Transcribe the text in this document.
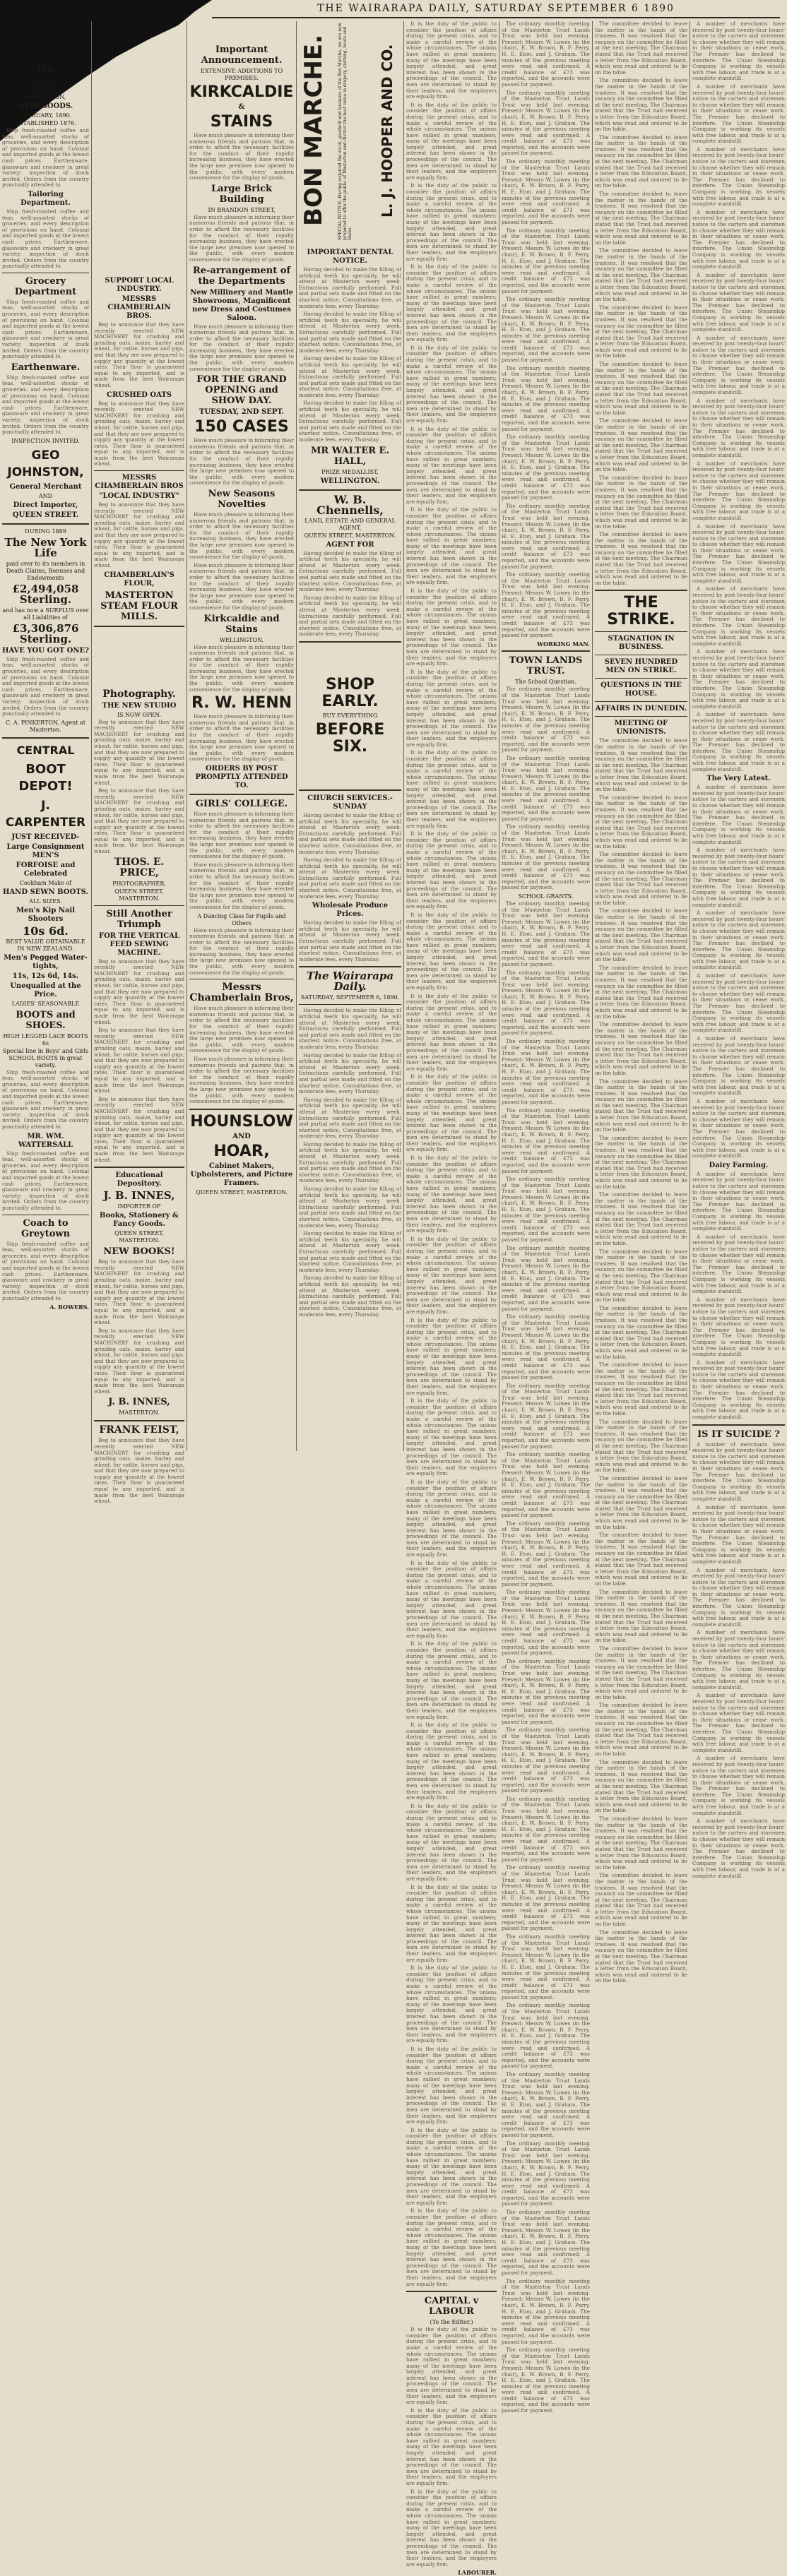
THE WAIRARAPA DAILY, SATURDAY SEPTEMBER 6 1890
TO-
erchan
mporter.
MASTERTON,
NTERGOODS.
FEBRUARY, 1890.
ESTABLISHED 1876.

Ship fresh-roasted coffee and teas, well-assorted stocks of groceries, and every description of provisions on hand. Colonial and imported goods at the lowest cash prices. Earthenware, glassware and crockery in great variety; inspection of stock invited. Orders from the country punctually attended to.

Tailoring Department.

Ship fresh-roasted coffee and teas, well-assorted stocks of groceries, and every description of provisions on hand. Colonial and imported goods at the lowest cash prices. Earthenware, glassware and crockery in great variety; inspection of stock invited. Orders from the country punctually attended to.

Grocery Department

Ship fresh-roasted coffee and teas, well-assorted stocks of groceries, and every description of provisions on hand. Colonial and imported goods at the lowest cash prices. Earthenware, glassware and crockery in great variety; inspection of stock invited. Orders from the country punctually attended to.

Earthenware.

Ship fresh-roasted coffee and teas, well-assorted stocks of groceries, and every description of provisions on hand. Colonial and imported goods at the lowest cash prices. Earthenware, glassware and crockery in great variety; inspection of stock invited. Orders from the country punctually attended to.

INSPECTION INVITED.
GEO JOHNSTON,
General Merchant
AND
Direct Importer,
QUEEN STREET.
DURING 1889
The New York Life
paid over to its members in Death Claims, Bonuses and Endowments
£2,494,058 Sterling.
and has now a SURPLUS over all Liabilities of
£3,306,876 Sterling.
HAVE YOU GOT ONE?

Ship fresh-roasted coffee and teas, well-assorted stocks of groceries, and every description of provisions on hand. Colonial and imported goods at the lowest cash prices. Earthenware, glassware and crockery in great variety; inspection of stock invited. Orders from the country punctually attended to.

C. A. PINKERTON, Agent at Masterton.
CENTRAL
BOOT DEPOT!
J. CARPENTER
JUST RECEIVED-
Large Consignment MEN'S
FORFOISE and Celebrated
Cookham Make of
HAND SEWN BOOTS.
ALL SIZES.
Men's Kip Nail Shooters
10s 6d.
BEST VALUE OBTAINABLE IN NEW ZEALAND.
Men's Pegged Water-tights,
11s, 12s 6d, 14s.
Unequalled at the Price.
LADIES' SEASONABLE
BOOTS and SHOES.
HIGH LEGGED LACE BOOTS 6s
Special line in Boys' and Girls SCHOOL BOOTS in great variety.

Ship fresh-roasted coffee and teas, well-assorted stocks of groceries, and every description of provisions on hand. Colonial and imported goods at the lowest cash prices. Earthenware, glassware and crockery in great variety; inspection of stock invited. Orders from the country punctually attended to.

MR. WM. WATTERSALL

Ship fresh-roasted coffee and teas, well-assorted stocks of groceries, and every description of provisions on hand. Colonial and imported goods at the lowest cash prices. Earthenware, glassware and crockery in great variety; inspection of stock invited. Orders from the country punctually attended to.

Coach to Greytown

Ship fresh-roasted coffee and teas, well-assorted stocks of groceries, and every description of provisions on hand. Colonial and imported goods at the lowest cash prices. Earthenware, glassware and crockery in great variety; inspection of stock invited. Orders from the country punctually attended to.

A. BOWERS.
SUPPORT LOCAL INDUSTRY.
MESSRS CHAMBERLAIN BROS.

Beg to announce that they have recently erected NEW MACHINERY for crushing and grinding oats, maize, barley and wheat, for cattle, horses and pigs, and that they are now prepared to supply any quantity at the lowest rates. Their flour is guaranteed equal to any imported, and is made from the best Wairarapa wheat.

CRUSHED OATS

Beg to announce that they have recently erected NEW MACHINERY for crushing and grinding oats, maize, barley and wheat, for cattle, horses and pigs, and that they are now prepared to supply any quantity at the lowest rates. Their flour is guaranteed equal to any imported, and is made from the best Wairarapa wheat.

MESSRS CHAMBERLAIN BROS
"LOCAL INDUSTRY"

Beg to announce that they have recently erected NEW MACHINERY for crushing and grinding oats, maize, barley and wheat, for cattle, horses and pigs, and that they are now prepared to supply any quantity at the lowest rates. Their flour is guaranteed equal to any imported, and is made from the best Wairarapa wheat.

CHAMBERLAIN'S FLOUR,
MASTERTON STEAM FLOUR MILLS.
Photography.
THE NEW STUDIO
IS NOW OPEN.

Beg to announce that they have recently erected NEW MACHINERY for crushing and grinding oats, maize, barley and wheat, for cattle, horses and pigs, and that they are now prepared to supply any quantity at the lowest rates. Their flour is guaranteed equal to any imported, and is made from the best Wairarapa wheat.

Beg to announce that they have recently erected NEW MACHINERY for crushing and grinding oats, maize, barley and wheat, for cattle, horses and pigs, and that they are now prepared to supply any quantity at the lowest rates. Their flour is guaranteed equal to any imported, and is made from the best Wairarapa wheat.

THOS. E. PRICE,
PHOTOGRAPHER,
QUEEN STREET, MASTERTON.
Still Another Triumph
FOR THE VERTICAL FEED SEWING MACHINE.

Beg to announce that they have recently erected NEW MACHINERY for crushing and grinding oats, maize, barley and wheat, for cattle, horses and pigs, and that they are now prepared to supply any quantity at the lowest rates. Their flour is guaranteed equal to any imported, and is made from the best Wairarapa wheat.

Beg to announce that they have recently erected NEW MACHINERY for crushing and grinding oats, maize, barley and wheat, for cattle, horses and pigs, and that they are now prepared to supply any quantity at the lowest rates. Their flour is guaranteed equal to any imported, and is made from the best Wairarapa wheat.

Beg to announce that they have recently erected NEW MACHINERY for crushing and grinding oats, maize, barley and wheat, for cattle, horses and pigs, and that they are now prepared to supply any quantity at the lowest rates. Their flour is guaranteed equal to any imported, and is made from the best Wairarapa wheat.

Educational Depository.
J. B. INNES,
IMPORTER OF
Books, Stationery & Fancy Goods.
QUEEN STREET, MASTERTON.
NEW BOOKS!

Beg to announce that they have recently erected NEW MACHINERY for crushing and grinding oats, maize, barley and wheat, for cattle, horses and pigs, and that they are now prepared to supply any quantity at the lowest rates. Their flour is guaranteed equal to any imported, and is made from the best Wairarapa wheat.

Beg to announce that they have recently erected NEW MACHINERY for crushing and grinding oats, maize, barley and wheat, for cattle, horses and pigs, and that they are now prepared to supply any quantity at the lowest rates. Their flour is guaranteed equal to any imported, and is made from the best Wairarapa wheat.

J. B. INNES,
MASTERTON.
FRANK FEIST,

Beg to announce that they have recently erected NEW MACHINERY for crushing and grinding oats, maize, barley and wheat, for cattle, horses and pigs, and that they are now prepared to supply any quantity at the lowest rates. Their flour is guaranteed equal to any imported, and is made from the best Wairarapa wheat.

Important Announcement.
EXTENSIVE ADDITIONS TO PREMISES.
KIRKCALDIE
&
STAINS

Have much pleasure in informing their numerous friends and patrons that, in order to afford the necessary facilities for the conduct of their rapidly increasing business, they have erected the large new premises now opened to the public, with every modern convenience for the display of goods.

Large Brick Building
IN BRANDON STREET,

Have much pleasure in informing their numerous friends and patrons that, in order to afford the necessary facilities for the conduct of their rapidly increasing business, they have erected the large new premises now opened to the public, with every modern convenience for the display of goods.

Re-arrangement of the Departments
New Millinery and Mantle Showrooms, Magnificent new Dress and Costumes Saloon.

Have much pleasure in informing their numerous friends and patrons that, in order to afford the necessary facilities for the conduct of their rapidly increasing business, they have erected the large new premises now opened to the public, with every modern convenience for the display of goods.

FOR THE GRAND OPENING and SHOW DAY.
TUESDAY, 2ND SEPT.
150 CASES

Have much pleasure in informing their numerous friends and patrons that, in order to afford the necessary facilities for the conduct of their rapidly increasing business, they have erected the large new premises now opened to the public, with every modern convenience for the display of goods.

New Seasons Novelties

Have much pleasure in informing their numerous friends and patrons that, in order to afford the necessary facilities for the conduct of their rapidly increasing business, they have erected the large new premises now opened to the public, with every modern convenience for the display of goods.

Have much pleasure in informing their numerous friends and patrons that, in order to afford the necessary facilities for the conduct of their rapidly increasing business, they have erected the large new premises now opened to the public, with every modern convenience for the display of goods.

Kirkcaldie and Stains
WELLINGTON.

Have much pleasure in informing their numerous friends and patrons that, in order to afford the necessary facilities for the conduct of their rapidly increasing business, they have erected the large new premises now opened to the public, with every modern convenience for the display of goods.

R. W. HENN

Have much pleasure in informing their numerous friends and patrons that, in order to afford the necessary facilities for the conduct of their rapidly increasing business, they have erected the large new premises now opened to the public, with every modern convenience for the display of goods.

ORDERS BY POST PROMPTLY ATTENDED TO.
GIRLS' COLLEGE.

Have much pleasure in informing their numerous friends and patrons that, in order to afford the necessary facilities for the conduct of their rapidly increasing business, they have erected the large new premises now opened to the public, with every modern convenience for the display of goods.

Have much pleasure in informing their numerous friends and patrons that, in order to afford the necessary facilities for the conduct of their rapidly increasing business, they have erected the large new premises now opened to the public, with every modern convenience for the display of goods.

A Dancing Class for Pupils and Others

Have much pleasure in informing their numerous friends and patrons that, in order to afford the necessary facilities for the conduct of their rapidly increasing business, they have erected the large new premises now opened to the public, with every modern convenience for the display of goods.

Messrs Chamberlain Bros,

Have much pleasure in informing their numerous friends and patrons that, in order to afford the necessary facilities for the conduct of their rapidly increasing business, they have erected the large new premises now opened to the public, with every modern convenience for the display of goods.

Have much pleasure in informing their numerous friends and patrons that, in order to afford the necessary facilities for the conduct of their rapidly increasing business, they have erected the large new premises now opened to the public, with every modern convenience for the display of goods.

HOUNSLOW
AND
HOAR,
Cabinet Makers, Upholsterers, and Picture Framers.
QUEEN STREET, MASTERTON.
IMPORTANT DENTAL NOTICE.

Having decided to make the filling of artificial teeth his speciality, he will attend at Masterton every week. Extractions carefully performed. Full and partial sets made and fitted on the shortest notice. Consultations free, at moderate fees, every Thursday.

Having decided to make the filling of artificial teeth his speciality, he will attend at Masterton every week. Extractions carefully performed. Full and partial sets made and fitted on the shortest notice. Consultations free, at moderate fees, every Thursday.

Having decided to make the filling of artificial teeth his speciality, he will attend at Masterton every week. Extractions carefully performed. Full and partial sets made and fitted on the shortest notice. Consultations free, at moderate fees, every Thursday.

Having decided to make the filling of artificial teeth his speciality, he will attend at Masterton every week. Extractions carefully performed. Full and partial sets made and fitted on the shortest notice. Consultations free, at moderate fees, every Thursday.

MR WALTER E. HALL,
PRIZE MEDALLIST,
WELLINGTON.
W. B. Chennells,
LAND, ESTATE AND GENERAL AGENT,
QUEEN STREET, MASTERTON.
AGENT FOR

Having decided to make the filling of artificial teeth his speciality, he will attend at Masterton every week. Extractions carefully performed. Full and partial sets made and fitted on the shortest notice. Consultations free, at moderate fees, every Thursday.

Having decided to make the filling of artificial teeth his speciality, he will attend at Masterton every week. Extractions carefully performed. Full and partial sets made and fitted on the shortest notice. Consultations free, at moderate fees, every Thursday.

SHOP EARLY.
BUY EVERYTHING
BEFORE SIX.
CHURCH SERVICES.-SUNDAY

Having decided to make the filling of artificial teeth his speciality, he will attend at Masterton every week. Extractions carefully performed. Full and partial sets made and fitted on the shortest notice. Consultations free, at moderate fees, every Thursday.

Having decided to make the filling of artificial teeth his speciality, he will attend at Masterton every week. Extractions carefully performed. Full and partial sets made and fitted on the shortest notice. Consultations free, at moderate fees, every Thursday.

Wholesale Produce Prices.

Having decided to make the filling of artificial teeth his speciality, he will attend at Masterton every week. Extractions carefully performed. Full and partial sets made and fitted on the shortest notice. Consultations free, at moderate fees, every Thursday.

The Wairarapa Daily.
SATURDAY, SEPTEMBER 6, 1890.

Having decided to make the filling of artificial teeth his speciality, he will attend at Masterton every week. Extractions carefully performed. Full and partial sets made and fitted on the shortest notice. Consultations free, at moderate fees, every Thursday.

Having decided to make the filling of artificial teeth his speciality, he will attend at Masterton every week. Extractions carefully performed. Full and partial sets made and fitted on the shortest notice. Consultations free, at moderate fees, every Thursday.

Having decided to make the filling of artificial teeth his speciality, he will attend at Masterton every week. Extractions carefully performed. Full and partial sets made and fitted on the shortest notice. Consultations free, at moderate fees, every Thursday.

Having decided to make the filling of artificial teeth his speciality, he will attend at Masterton every week. Extractions carefully performed. Full and partial sets made and fitted on the shortest notice. Consultations free, at moderate fees, every Thursday.

Having decided to make the filling of artificial teeth his speciality, he will attend at Masterton every week. Extractions carefully performed. Full and partial sets made and fitted on the shortest notice. Consultations free, at moderate fees, every Thursday.

Having decided to make the filling of artificial teeth his speciality, he will attend at Masterton every week. Extractions carefully performed. Full and partial sets made and fitted on the shortest notice. Consultations free, at moderate fees, every Thursday.

Having decided to make the filling of artificial teeth his speciality, he will attend at Masterton every week. Extractions carefully performed. Full and partial sets made and fitted on the shortest notice. Consultations free, at moderate fees, every Thursday.

BON MARCHE.	SPECIAL NOTICE.-Having acquired the stock, goodwill and business of the Bon Marche, we are now prepared to offer the public of Masterton and district the best value in drapery, clothing, boots and shoes.
L. J. HOOPER AND CO.

It is the duty of the public to consider the position of affairs during the present crisis, and to make a careful review of the whole circumstances. The unions have rallied in great numbers; many of the meetings have been largely attended, and great interest has been shown in the proceedings of the council. The men are determined to stand by their leaders, and the employers are equally firm.

It is the duty of the public to consider the position of affairs during the present crisis, and to make a careful review of the whole circumstances. The unions have rallied in great numbers; many of the meetings have been largely attended, and great interest has been shown in the proceedings of the council. The men are determined to stand by their leaders, and the employers are equally firm.

It is the duty of the public to consider the position of affairs during the present crisis, and to make a careful review of the whole circumstances. The unions have rallied in great numbers; many of the meetings have been largely attended, and great interest has been shown in the proceedings of the council. The men are determined to stand by their leaders, and the employers are equally firm.

It is the duty of the public to consider the position of affairs during the present crisis, and to make a careful review of the whole circumstances. The unions have rallied in great numbers; many of the meetings have been largely attended, and great interest has been shown in the proceedings of the council. The men are determined to stand by their leaders, and the employers are equally firm.

It is the duty of the public to consider the position of affairs during the present crisis, and to make a careful review of the whole circumstances. The unions have rallied in great numbers; many of the meetings have been largely attended, and great interest has been shown in the proceedings of the council. The men are determined to stand by their leaders, and the employers are equally firm.

It is the duty of the public to consider the position of affairs during the present crisis, and to make a careful review of the whole circumstances. The unions have rallied in great numbers; many of the meetings have been largely attended, and great interest has been shown in the proceedings of the council. The men are determined to stand by their leaders, and the employers are equally firm.

It is the duty of the public to consider the position of affairs during the present crisis, and to make a careful review of the whole circumstances. The unions have rallied in great numbers; many of the meetings have been largely attended, and great interest has been shown in the proceedings of the council. The men are determined to stand by their leaders, and the employers are equally firm.

It is the duty of the public to consider the position of affairs during the present crisis, and to make a careful review of the whole circumstances. The unions have rallied in great numbers; many of the meetings have been largely attended, and great interest has been shown in the proceedings of the council. The men are determined to stand by their leaders, and the employers are equally firm.

It is the duty of the public to consider the position of affairs during the present crisis, and to make a careful review of the whole circumstances. The unions have rallied in great numbers; many of the meetings have been largely attended, and great interest has been shown in the proceedings of the council. The men are determined to stand by their leaders, and the employers are equally firm.

It is the duty of the public to consider the position of affairs during the present crisis, and to make a careful review of the whole circumstances. The unions have rallied in great numbers; many of the meetings have been largely attended, and great interest has been shown in the proceedings of the council. The men are determined to stand by their leaders, and the employers are equally firm.

It is the duty of the public to consider the position of affairs during the present crisis, and to make a careful review of the whole circumstances. The unions have rallied in great numbers; many of the meetings have been largely attended, and great interest has been shown in the proceedings of the council. The men are determined to stand by their leaders, and the employers are equally firm.

It is the duty of the public to consider the position of affairs during the present crisis, and to make a careful review of the whole circumstances. The unions have rallied in great numbers; many of the meetings have been largely attended, and great interest has been shown in the proceedings of the council. The men are determined to stand by their leaders, and the employers are equally firm.

It is the duty of the public to consider the position of affairs during the present crisis, and to make a careful review of the whole circumstances. The unions have rallied in great numbers; many of the meetings have been largely attended, and great interest has been shown in the proceedings of the council. The men are determined to stand by their leaders, and the employers are equally firm.

It is the duty of the public to consider the position of affairs during the present crisis, and to make a careful review of the whole circumstances. The unions have rallied in great numbers; many of the meetings have been largely attended, and great interest has been shown in the proceedings of the council. The men are determined to stand by their leaders, and the employers are equally firm.

It is the duty of the public to consider the position of affairs during the present crisis, and to make a careful review of the whole circumstances. The unions have rallied in great numbers; many of the meetings have been largely attended, and great interest has been shown in the proceedings of the council. The men are determined to stand by their leaders, and the employers are equally firm.

It is the duty of the public to consider the position of affairs during the present crisis, and to make a careful review of the whole circumstances. The unions have rallied in great numbers; many of the meetings have been largely attended, and great interest has been shown in the proceedings of the council. The men are determined to stand by their leaders, and the employers are equally firm.

It is the duty of the public to consider the position of affairs during the present crisis, and to make a careful review of the whole circumstances. The unions have rallied in great numbers; many of the meetings have been largely attended, and great interest has been shown in the proceedings of the council. The men are determined to stand by their leaders, and the employers are equally firm.

It is the duty of the public to consider the position of affairs during the present crisis, and to make a careful review of the whole circumstances. The unions have rallied in great numbers; many of the meetings have been largely attended, and great interest has been shown in the proceedings of the council. The men are determined to stand by their leaders, and the employers are equally firm.

It is the duty of the public to consider the position of affairs during the present crisis, and to make a careful review of the whole circumstances. The unions have rallied in great numbers; many of the meetings have been largely attended, and great interest has been shown in the proceedings of the council. The men are determined to stand by their leaders, and the employers are equally firm.

It is the duty of the public to consider the position of affairs during the present crisis, and to make a careful review of the whole circumstances. The unions have rallied in great numbers; many of the meetings have been largely attended, and great interest has been shown in the proceedings of the council. The men are determined to stand by their leaders, and the employers are equally firm.

It is the duty of the public to consider the position of affairs during the present crisis, and to make a careful review of the whole circumstances. The unions have rallied in great numbers; many of the meetings have been largely attended, and great interest has been shown in the proceedings of the council. The men are determined to stand by their leaders, and the employers are equally firm.

It is the duty of the public to consider the position of affairs during the present crisis, and to make a careful review of the whole circumstances. The unions have rallied in great numbers; many of the meetings have been largely attended, and great interest has been shown in the proceedings of the council. The men are determined to stand by their leaders, and the employers are equally firm.

It is the duty of the public to consider the position of affairs during the present crisis, and to make a careful review of the whole circumstances. The unions have rallied in great numbers; many of the meetings have been largely attended, and great interest has been shown in the proceedings of the council. The men are determined to stand by their leaders, and the employers are equally firm.

It is the duty of the public to consider the position of affairs during the present crisis, and to make a careful review of the whole circumstances. The unions have rallied in great numbers; many of the meetings have been largely attended, and great interest has been shown in the proceedings of the council. The men are determined to stand by their leaders, and the employers are equally firm.

It is the duty of the public to consider the position of affairs during the present crisis, and to make a careful review of the whole circumstances. The unions have rallied in great numbers; many of the meetings have been largely attended, and great interest has been shown in the proceedings of the council. The men are determined to stand by their leaders, and the employers are equally firm.

It is the duty of the public to consider the position of affairs during the present crisis, and to make a careful review of the whole circumstances. The unions have rallied in great numbers; many of the meetings have been largely attended, and great interest has been shown in the proceedings of the council. The men are determined to stand by their leaders, and the employers are equally firm.

It is the duty of the public to consider the position of affairs during the present crisis, and to make a careful review of the whole circumstances. The unions have rallied in great numbers; many of the meetings have been largely attended, and great interest has been shown in the proceedings of the council. The men are determined to stand by their leaders, and the employers are equally firm.

It is the duty of the public to consider the position of affairs during the present crisis, and to make a careful review of the whole circumstances. The unions have rallied in great numbers; many of the meetings have been largely attended, and great interest has been shown in the proceedings of the council. The men are determined to stand by their leaders, and the employers are equally firm.

CAPITAL v LABOUR
(To the Editor.)

It is the duty of the public to consider the position of affairs during the present crisis, and to make a careful review of the whole circumstances. The unions have rallied in great numbers; many of the meetings have been largely attended, and great interest has been shown in the proceedings of the council. The men are determined to stand by their leaders, and the employers are equally firm.

It is the duty of the public to consider the position of affairs during the present crisis, and to make a careful review of the whole circumstances. The unions have rallied in great numbers; many of the meetings have been largely attended, and great interest has been shown in the proceedings of the council. The men are determined to stand by their leaders, and the employers are equally firm.

It is the duty of the public to consider the position of affairs during the present crisis, and to make a careful review of the whole circumstances. The unions have rallied in great numbers; many of the meetings have been largely attended, and great interest has been shown in the proceedings of the council. The men are determined to stand by their leaders, and the employers are equally firm.

LABOURER.

The ordinary monthly meeting of the Masterton Trust Lands Trust was held last evening. Present: Messrs W. Lowes (in the chair), E. W. Brown, B. F. Perry, H. E. Eton, and J. Graham. The minutes of the previous meeting were read and confirmed. A credit balance of £73 was reported, and the accounts were passed for payment.

The ordinary monthly meeting of the Masterton Trust Lands Trust was held last evening. Present: Messrs W. Lowes (in the chair), E. W. Brown, B. F. Perry, H. E. Eton, and J. Graham. The minutes of the previous meeting were read and confirmed. A credit balance of £73 was reported, and the accounts were passed for payment.

The ordinary monthly meeting of the Masterton Trust Lands Trust was held last evening. Present: Messrs W. Lowes (in the chair), E. W. Brown, B. F. Perry, H. E. Eton, and J. Graham. The minutes of the previous meeting were read and confirmed. A credit balance of £73 was reported, and the accounts were passed for payment.

The ordinary monthly meeting of the Masterton Trust Lands Trust was held last evening. Present: Messrs W. Lowes (in the chair), E. W. Brown, B. F. Perry, H. E. Eton, and J. Graham. The minutes of the previous meeting were read and confirmed. A credit balance of £73 was reported, and the accounts were passed for payment.

The ordinary monthly meeting of the Masterton Trust Lands Trust was held last evening. Present: Messrs W. Lowes (in the chair), E. W. Brown, B. F. Perry, H. E. Eton, and J. Graham. The minutes of the previous meeting were read and confirmed. A credit balance of £73 was reported, and the accounts were passed for payment.

The ordinary monthly meeting of the Masterton Trust Lands Trust was held last evening. Present: Messrs W. Lowes (in the chair), E. W. Brown, B. F. Perry, H. E. Eton, and J. Graham. The minutes of the previous meeting were read and confirmed. A credit balance of £73 was reported, and the accounts were passed for payment.

The ordinary monthly meeting of the Masterton Trust Lands Trust was held last evening. Present: Messrs W. Lowes (in the chair), E. W. Brown, B. F. Perry, H. E. Eton, and J. Graham. The minutes of the previous meeting were read and confirmed. A credit balance of £73 was reported, and the accounts were passed for payment.

The ordinary monthly meeting of the Masterton Trust Lands Trust was held last evening. Present: Messrs W. Lowes (in the chair), E. W. Brown, B. F. Perry, H. E. Eton, and J. Graham. The minutes of the previous meeting were read and confirmed. A credit balance of £73 was reported, and the accounts were passed for payment.

The ordinary monthly meeting of the Masterton Trust Lands Trust was held last evening. Present: Messrs W. Lowes (in the chair), E. W. Brown, B. F. Perry, H. E. Eton, and J. Graham. The minutes of the previous meeting were read and confirmed. A credit balance of £73 was reported, and the accounts were passed for payment.

WORKING MAN.
TOWN LANDS TRUST.
The School Question.

The ordinary monthly meeting of the Masterton Trust Lands Trust was held last evening. Present: Messrs W. Lowes (in the chair), E. W. Brown, B. F. Perry, H. E. Eton, and J. Graham. The minutes of the previous meeting were read and confirmed. A credit balance of £73 was reported, and the accounts were passed for payment.

The ordinary monthly meeting of the Masterton Trust Lands Trust was held last evening. Present: Messrs W. Lowes (in the chair), E. W. Brown, B. F. Perry, H. E. Eton, and J. Graham. The minutes of the previous meeting were read and confirmed. A credit balance of £73 was reported, and the accounts were passed for payment.

The ordinary monthly meeting of the Masterton Trust Lands Trust was held last evening. Present: Messrs W. Lowes (in the chair), E. W. Brown, B. F. Perry, H. E. Eton, and J. Graham. The minutes of the previous meeting were read and confirmed. A credit balance of £73 was reported, and the accounts were passed for payment.

SCHOOL GRANTS.

The ordinary monthly meeting of the Masterton Trust Lands Trust was held last evening. Present: Messrs W. Lowes (in the chair), E. W. Brown, B. F. Perry, H. E. Eton, and J. Graham. The minutes of the previous meeting were read and confirmed. A credit balance of £73 was reported, and the accounts were passed for payment.

The ordinary monthly meeting of the Masterton Trust Lands Trust was held last evening. Present: Messrs W. Lowes (in the chair), E. W. Brown, B. F. Perry, H. E. Eton, and J. Graham. The minutes of the previous meeting were read and confirmed. A credit balance of £73 was reported, and the accounts were passed for payment.

The ordinary monthly meeting of the Masterton Trust Lands Trust was held last evening. Present: Messrs W. Lowes (in the chair), E. W. Brown, B. F. Perry, H. E. Eton, and J. Graham. The minutes of the previous meeting were read and confirmed. A credit balance of £73 was reported, and the accounts were passed for payment.

The ordinary monthly meeting of the Masterton Trust Lands Trust was held last evening. Present: Messrs W. Lowes (in the chair), E. W. Brown, B. F. Perry, H. E. Eton, and J. Graham. The minutes of the previous meeting were read and confirmed. A credit balance of £73 was reported, and the accounts were passed for payment.

The ordinary monthly meeting of the Masterton Trust Lands Trust was held last evening. Present: Messrs W. Lowes (in the chair), E. W. Brown, B. F. Perry, H. E. Eton, and J. Graham. The minutes of the previous meeting were read and confirmed. A credit balance of £73 was reported, and the accounts were passed for payment.

The ordinary monthly meeting of the Masterton Trust Lands Trust was held last evening. Present: Messrs W. Lowes (in the chair), E. W. Brown, B. F. Perry, H. E. Eton, and J. Graham. The minutes of the previous meeting were read and confirmed. A credit balance of £73 was reported, and the accounts were passed for payment.

The ordinary monthly meeting of the Masterton Trust Lands Trust was held last evening. Present: Messrs W. Lowes (in the chair), E. W. Brown, B. F. Perry, H. E. Eton, and J. Graham. The minutes of the previous meeting were read and confirmed. A credit balance of £73 was reported, and the accounts were passed for payment.

The ordinary monthly meeting of the Masterton Trust Lands Trust was held last evening. Present: Messrs W. Lowes (in the chair), E. W. Brown, B. F. Perry, H. E. Eton, and J. Graham. The minutes of the previous meeting were read and confirmed. A credit balance of £73 was reported, and the accounts were passed for payment.

The ordinary monthly meeting of the Masterton Trust Lands Trust was held last evening. Present: Messrs W. Lowes (in the chair), E. W. Brown, B. F. Perry, H. E. Eton, and J. Graham. The minutes of the previous meeting were read and confirmed. A credit balance of £73 was reported, and the accounts were passed for payment.

The ordinary monthly meeting of the Masterton Trust Lands Trust was held last evening. Present: Messrs W. Lowes (in the chair), E. W. Brown, B. F. Perry, H. E. Eton, and J. Graham. The minutes of the previous meeting were read and confirmed. A credit balance of £73 was reported, and the accounts were passed for payment.

The ordinary monthly meeting of the Masterton Trust Lands Trust was held last evening. Present: Messrs W. Lowes (in the chair), E. W. Brown, B. F. Perry, H. E. Eton, and J. Graham. The minutes of the previous meeting were read and confirmed. A credit balance of £73 was reported, and the accounts were passed for payment.

The ordinary monthly meeting of the Masterton Trust Lands Trust was held last evening. Present: Messrs W. Lowes (in the chair), E. W. Brown, B. F. Perry, H. E. Eton, and J. Graham. The minutes of the previous meeting were read and confirmed. A credit balance of £73 was reported, and the accounts were passed for payment.

The ordinary monthly meeting of the Masterton Trust Lands Trust was held last evening. Present: Messrs W. Lowes (in the chair), E. W. Brown, B. F. Perry, H. E. Eton, and J. Graham. The minutes of the previous meeting were read and confirmed. A credit balance of £73 was reported, and the accounts were passed for payment.

The ordinary monthly meeting of the Masterton Trust Lands Trust was held last evening. Present: Messrs W. Lowes (in the chair), E. W. Brown, B. F. Perry, H. E. Eton, and J. Graham. The minutes of the previous meeting were read and confirmed. A credit balance of £73 was reported, and the accounts were passed for payment.

The ordinary monthly meeting of the Masterton Trust Lands Trust was held last evening. Present: Messrs W. Lowes (in the chair), E. W. Brown, B. F. Perry, H. E. Eton, and J. Graham. The minutes of the previous meeting were read and confirmed. A credit balance of £73 was reported, and the accounts were passed for payment.

The ordinary monthly meeting of the Masterton Trust Lands Trust was held last evening. Present: Messrs W. Lowes (in the chair), E. W. Brown, B. F. Perry, H. E. Eton, and J. Graham. The minutes of the previous meeting were read and confirmed. A credit balance of £73 was reported, and the accounts were passed for payment.

The ordinary monthly meeting of the Masterton Trust Lands Trust was held last evening. Present: Messrs W. Lowes (in the chair), E. W. Brown, B. F. Perry, H. E. Eton, and J. Graham. The minutes of the previous meeting were read and confirmed. A credit balance of £73 was reported, and the accounts were passed for payment.

The ordinary monthly meeting of the Masterton Trust Lands Trust was held last evening. Present: Messrs W. Lowes (in the chair), E. W. Brown, B. F. Perry, H. E. Eton, and J. Graham. The minutes of the previous meeting were read and confirmed. A credit balance of £73 was reported, and the accounts were passed for payment.

The ordinary monthly meeting of the Masterton Trust Lands Trust was held last evening. Present: Messrs W. Lowes (in the chair), E. W. Brown, B. F. Perry, H. E. Eton, and J. Graham. The minutes of the previous meeting were read and confirmed. A credit balance of £73 was reported, and the accounts were passed for payment.

The ordinary monthly meeting of the Masterton Trust Lands Trust was held last evening. Present: Messrs W. Lowes (in the chair), E. W. Brown, B. F. Perry, H. E. Eton, and J. Graham. The minutes of the previous meeting were read and confirmed. A credit balance of £73 was reported, and the accounts were passed for payment.

The ordinary monthly meeting of the Masterton Trust Lands Trust was held last evening. Present: Messrs W. Lowes (in the chair), E. W. Brown, B. F. Perry, H. E. Eton, and J. Graham. The minutes of the previous meeting were read and confirmed. A credit balance of £73 was reported, and the accounts were passed for payment.

The ordinary monthly meeting of the Masterton Trust Lands Trust was held last evening. Present: Messrs W. Lowes (in the chair), E. W. Brown, B. F. Perry, H. E. Eton, and J. Graham. The minutes of the previous meeting were read and confirmed. A credit balance of £73 was reported, and the accounts were passed for payment.

The committee decided to leave the matter in the hands of the trustees. It was resolved that the vacancy on the committee be filled at the next meeting. The Chairman stated that the Trust had received a letter from the Education Board, which was read and ordered to lie on the table.

The committee decided to leave the matter in the hands of the trustees. It was resolved that the vacancy on the committee be filled at the next meeting. The Chairman stated that the Trust had received a letter from the Education Board, which was read and ordered to lie on the table.

The committee decided to leave the matter in the hands of the trustees. It was resolved that the vacancy on the committee be filled at the next meeting. The Chairman stated that the Trust had received a letter from the Education Board, which was read and ordered to lie on the table.

The committee decided to leave the matter in the hands of the trustees. It was resolved that the vacancy on the committee be filled at the next meeting. The Chairman stated that the Trust had received a letter from the Education Board, which was read and ordered to lie on the table.

The committee decided to leave the matter in the hands of the trustees. It was resolved that the vacancy on the committee be filled at the next meeting. The Chairman stated that the Trust had received a letter from the Education Board, which was read and ordered to lie on the table.

The committee decided to leave the matter in the hands of the trustees. It was resolved that the vacancy on the committee be filled at the next meeting. The Chairman stated that the Trust had received a letter from the Education Board, which was read and ordered to lie on the table.

The committee decided to leave the matter in the hands of the trustees. It was resolved that the vacancy on the committee be filled at the next meeting. The Chairman stated that the Trust had received a letter from the Education Board, which was read and ordered to lie on the table.

The committee decided to leave the matter in the hands of the trustees. It was resolved that the vacancy on the committee be filled at the next meeting. The Chairman stated that the Trust had received a letter from the Education Board, which was read and ordered to lie on the table.

The committee decided to leave the matter in the hands of the trustees. It was resolved that the vacancy on the committee be filled at the next meeting. The Chairman stated that the Trust had received a letter from the Education Board, which was read and ordered to lie on the table.

The committee decided to leave the matter in the hands of the trustees. It was resolved that the vacancy on the committee be filled at the next meeting. The Chairman stated that the Trust had received a letter from the Education Board, which was read and ordered to lie on the table.

THE STRIKE.
STAGNATION IN BUSINESS.
SEVEN HUNDRED MEN ON STRIKE.
QUESTIONS IN THE HOUSE.
AFFAIRS IN DUNEDIN.
MEETING OF UNIONISTS.

The committee decided to leave the matter in the hands of the trustees. It was resolved that the vacancy on the committee be filled at the next meeting. The Chairman stated that the Trust had received a letter from the Education Board, which was read and ordered to lie on the table.

The committee decided to leave the matter in the hands of the trustees. It was resolved that the vacancy on the committee be filled at the next meeting. The Chairman stated that the Trust had received a letter from the Education Board, which was read and ordered to lie on the table.

The committee decided to leave the matter in the hands of the trustees. It was resolved that the vacancy on the committee be filled at the next meeting. The Chairman stated that the Trust had received a letter from the Education Board, which was read and ordered to lie on the table.

The committee decided to leave the matter in the hands of the trustees. It was resolved that the vacancy on the committee be filled at the next meeting. The Chairman stated that the Trust had received a letter from the Education Board, which was read and ordered to lie on the table.

The committee decided to leave the matter in the hands of the trustees. It was resolved that the vacancy on the committee be filled at the next meeting. The Chairman stated that the Trust had received a letter from the Education Board, which was read and ordered to lie on the table.

The committee decided to leave the matter in the hands of the trustees. It was resolved that the vacancy on the committee be filled at the next meeting. The Chairman stated that the Trust had received a letter from the Education Board, which was read and ordered to lie on the table.

The committee decided to leave the matter in the hands of the trustees. It was resolved that the vacancy on the committee be filled at the next meeting. The Chairman stated that the Trust had received a letter from the Education Board, which was read and ordered to lie on the table.

The committee decided to leave the matter in the hands of the trustees. It was resolved that the vacancy on the committee be filled at the next meeting. The Chairman stated that the Trust had received a letter from the Education Board, which was read and ordered to lie on the table.

The committee decided to leave the matter in the hands of the trustees. It was resolved that the vacancy on the committee be filled at the next meeting. The Chairman stated that the Trust had received a letter from the Education Board, which was read and ordered to lie on the table.

The committee decided to leave the matter in the hands of the trustees. It was resolved that the vacancy on the committee be filled at the next meeting. The Chairman stated that the Trust had received a letter from the Education Board, which was read and ordered to lie on the table.

The committee decided to leave the matter in the hands of the trustees. It was resolved that the vacancy on the committee be filled at the next meeting. The Chairman stated that the Trust had received a letter from the Education Board, which was read and ordered to lie on the table.

The committee decided to leave the matter in the hands of the trustees. It was resolved that the vacancy on the committee be filled at the next meeting. The Chairman stated that the Trust had received a letter from the Education Board, which was read and ordered to lie on the table.

The committee decided to leave the matter in the hands of the trustees. It was resolved that the vacancy on the committee be filled at the next meeting. The Chairman stated that the Trust had received a letter from the Education Board, which was read and ordered to lie on the table.

The committee decided to leave the matter in the hands of the trustees. It was resolved that the vacancy on the committee be filled at the next meeting. The Chairman stated that the Trust had received a letter from the Education Board, which was read and ordered to lie on the table.

The committee decided to leave the matter in the hands of the trustees. It was resolved that the vacancy on the committee be filled at the next meeting. The Chairman stated that the Trust had received a letter from the Education Board, which was read and ordered to lie on the table.

The committee decided to leave the matter in the hands of the trustees. It was resolved that the vacancy on the committee be filled at the next meeting. The Chairman stated that the Trust had received a letter from the Education Board, which was read and ordered to lie on the table.

The committee decided to leave the matter in the hands of the trustees. It was resolved that the vacancy on the committee be filled at the next meeting. The Chairman stated that the Trust had received a letter from the Education Board, which was read and ordered to lie on the table.

The committee decided to leave the matter in the hands of the trustees. It was resolved that the vacancy on the committee be filled at the next meeting. The Chairman stated that the Trust had received a letter from the Education Board, which was read and ordered to lie on the table.

The committee decided to leave the matter in the hands of the trustees. It was resolved that the vacancy on the committee be filled at the next meeting. The Chairman stated that the Trust had received a letter from the Education Board, which was read and ordered to lie on the table.

The committee decided to leave the matter in the hands of the trustees. It was resolved that the vacancy on the committee be filled at the next meeting. The Chairman stated that the Trust had received a letter from the Education Board, which was read and ordered to lie on the table.

The committee decided to leave the matter in the hands of the trustees. It was resolved that the vacancy on the committee be filled at the next meeting. The Chairman stated that the Trust had received a letter from the Education Board, which was read and ordered to lie on the table.

The committee decided to leave the matter in the hands of the trustees. It was resolved that the vacancy on the committee be filled at the next meeting. The Chairman stated that the Trust had received a letter from the Education Board, which was read and ordered to lie on the table.

A number of merchants have received by post twenty-four hours' notice to the carters and storemen to choose whether they will remain in their situations or cease work. The Premier has declined to interfere. The Union Steamship Company is working its vessels with free labour, and trade is at a complete standstill.

A number of merchants have received by post twenty-four hours' notice to the carters and storemen to choose whether they will remain in their situations or cease work. The Premier has declined to interfere. The Union Steamship Company is working its vessels with free labour, and trade is at a complete standstill.

A number of merchants have received by post twenty-four hours' notice to the carters and storemen to choose whether they will remain in their situations or cease work. The Premier has declined to interfere. The Union Steamship Company is working its vessels with free labour, and trade is at a complete standstill.

A number of merchants have received by post twenty-four hours' notice to the carters and storemen to choose whether they will remain in their situations or cease work. The Premier has declined to interfere. The Union Steamship Company is working its vessels with free labour, and trade is at a complete standstill.

A number of merchants have received by post twenty-four hours' notice to the carters and storemen to choose whether they will remain in their situations or cease work. The Premier has declined to interfere. The Union Steamship Company is working its vessels with free labour, and trade is at a complete standstill.

A number of merchants have received by post twenty-four hours' notice to the carters and storemen to choose whether they will remain in their situations or cease work. The Premier has declined to interfere. The Union Steamship Company is working its vessels with free labour, and trade is at a complete standstill.

A number of merchants have received by post twenty-four hours' notice to the carters and storemen to choose whether they will remain in their situations or cease work. The Premier has declined to interfere. The Union Steamship Company is working its vessels with free labour, and trade is at a complete standstill.

A number of merchants have received by post twenty-four hours' notice to the carters and storemen to choose whether they will remain in their situations or cease work. The Premier has declined to interfere. The Union Steamship Company is working its vessels with free labour, and trade is at a complete standstill.

A number of merchants have received by post twenty-four hours' notice to the carters and storemen to choose whether they will remain in their situations or cease work. The Premier has declined to interfere. The Union Steamship Company is working its vessels with free labour, and trade is at a complete standstill.

A number of merchants have received by post twenty-four hours' notice to the carters and storemen to choose whether they will remain in their situations or cease work. The Premier has declined to interfere. The Union Steamship Company is working its vessels with free labour, and trade is at a complete standstill.

A number of merchants have received by post twenty-four hours' notice to the carters and storemen to choose whether they will remain in their situations or cease work. The Premier has declined to interfere. The Union Steamship Company is working its vessels with free labour, and trade is at a complete standstill.

A number of merchants have received by post twenty-four hours' notice to the carters and storemen to choose whether they will remain in their situations or cease work. The Premier has declined to interfere. The Union Steamship Company is working its vessels with free labour, and trade is at a complete standstill.

The Very Latest.

A number of merchants have received by post twenty-four hours' notice to the carters and storemen to choose whether they will remain in their situations or cease work. The Premier has declined to interfere. The Union Steamship Company is working its vessels with free labour, and trade is at a complete standstill.

A number of merchants have received by post twenty-four hours' notice to the carters and storemen to choose whether they will remain in their situations or cease work. The Premier has declined to interfere. The Union Steamship Company is working its vessels with free labour, and trade is at a complete standstill.

A number of merchants have received by post twenty-four hours' notice to the carters and storemen to choose whether they will remain in their situations or cease work. The Premier has declined to interfere. The Union Steamship Company is working its vessels with free labour, and trade is at a complete standstill.

A number of merchants have received by post twenty-four hours' notice to the carters and storemen to choose whether they will remain in their situations or cease work. The Premier has declined to interfere. The Union Steamship Company is working its vessels with free labour, and trade is at a complete standstill.

A number of merchants have received by post twenty-four hours' notice to the carters and storemen to choose whether they will remain in their situations or cease work. The Premier has declined to interfere. The Union Steamship Company is working its vessels with free labour, and trade is at a complete standstill.

A number of merchants have received by post twenty-four hours' notice to the carters and storemen to choose whether they will remain in their situations or cease work. The Premier has declined to interfere. The Union Steamship Company is working its vessels with free labour, and trade is at a complete standstill.

Dairy Farming.

A number of merchants have received by post twenty-four hours' notice to the carters and storemen to choose whether they will remain in their situations or cease work. The Premier has declined to interfere. The Union Steamship Company is working its vessels with free labour, and trade is at a complete standstill.

A number of merchants have received by post twenty-four hours' notice to the carters and storemen to choose whether they will remain in their situations or cease work. The Premier has declined to interfere. The Union Steamship Company is working its vessels with free labour, and trade is at a complete standstill.

A number of merchants have received by post twenty-four hours' notice to the carters and storemen to choose whether they will remain in their situations or cease work. The Premier has declined to interfere. The Union Steamship Company is working its vessels with free labour, and trade is at a complete standstill.

A number of merchants have received by post twenty-four hours' notice to the carters and storemen to choose whether they will remain in their situations or cease work. The Premier has declined to interfere. The Union Steamship Company is working its vessels with free labour, and trade is at a complete standstill.

IS IT SUICIDE ?

A number of merchants have received by post twenty-four hours' notice to the carters and storemen to choose whether they will remain in their situations or cease work. The Premier has declined to interfere. The Union Steamship Company is working its vessels with free labour, and trade is at a complete standstill.

A number of merchants have received by post twenty-four hours' notice to the carters and storemen to choose whether they will remain in their situations or cease work. The Premier has declined to interfere. The Union Steamship Company is working its vessels with free labour, and trade is at a complete standstill.

A number of merchants have received by post twenty-four hours' notice to the carters and storemen to choose whether they will remain in their situations or cease work. The Premier has declined to interfere. The Union Steamship Company is working its vessels with free labour, and trade is at a complete standstill.

A number of merchants have received by post twenty-four hours' notice to the carters and storemen to choose whether they will remain in their situations or cease work. The Premier has declined to interfere. The Union Steamship Company is working its vessels with free labour, and trade is at a complete standstill.

A number of merchants have received by post twenty-four hours' notice to the carters and storemen to choose whether they will remain in their situations or cease work. The Premier has declined to interfere. The Union Steamship Company is working its vessels with free labour, and trade is at a complete standstill.

A number of merchants have received by post twenty-four hours' notice to the carters and storemen to choose whether they will remain in their situations or cease work. The Premier has declined to interfere. The Union Steamship Company is working its vessels with free labour, and trade is at a complete standstill.

A number of merchants have received by post twenty-four hours' notice to the carters and storemen to choose whether they will remain in their situations or cease work. The Premier has declined to interfere. The Union Steamship Company is working its vessels with free labour, and trade is at a complete standstill.
